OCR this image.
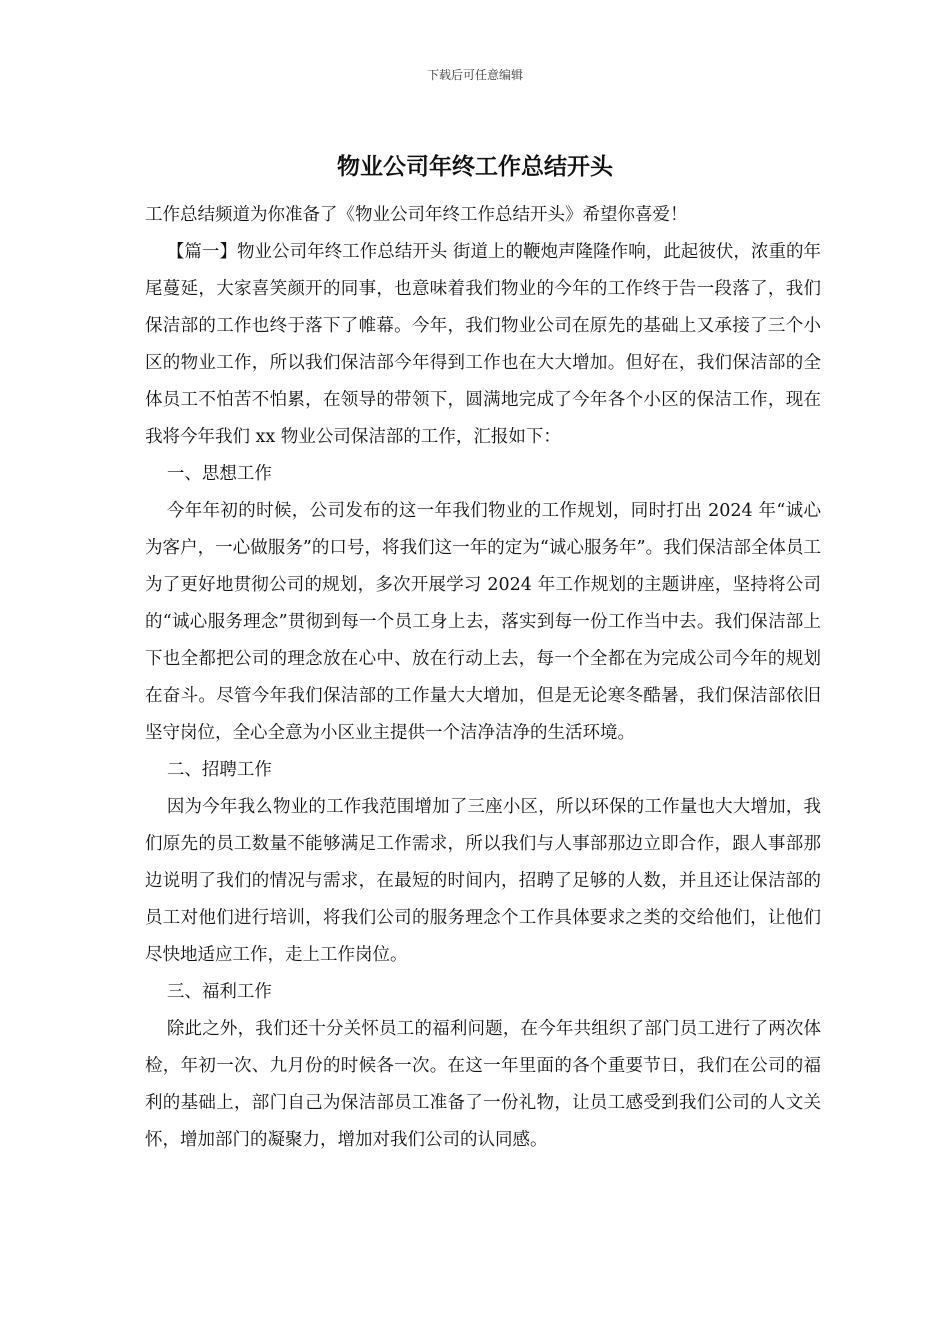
下载后可任意编辑
物业公司年终工作总结开头

工作总结频道为你准备了《物业公司年终工作总结开头》希望你喜爱！

【篇一】物业公司年终工作总结开头 街道上的鞭炮声隆隆作响，此起彼伏，浓重的年尾蔓延，大家喜笑颜开的同事，也意味着我们物业的今年的工作终于告一段落了，我们保洁部的工作也终于落下了帷幕。今年，我们物业公司在原先的基础上又承接了三个小区的物业工作，所以我们保洁部今年得到工作也在大大增加。但好在，我们保洁部的全体员工不怕苦不怕累，在领导的带领下，圆满地完成了今年各个小区的保洁工作，现在我将今年我们 xx 物业公司保洁部的工作，汇报如下：

一、思想工作

今年年初的时候，公司发布的这一年我们物业的工作规划，同时打出 2024 年“诚心为客户，一心做服务”的口号，将我们这一年的定为“诚心服务年”。我们保洁部全体员工为了更好地贯彻公司的规划，多次开展学习 2024 年工作规划的主题讲座，坚持将公司的“诚心服务理念”贯彻到每一个员工身上去，落实到每一份工作当中去。我们保洁部上下也全都把公司的理念放在心中、放在行动上去，每一个全都在为完成公司今年的规划在奋斗。尽管今年我们保洁部的工作量大大增加，但是无论寒冬酷暑，我们保洁部依旧坚守岗位，全心全意为小区业主提供一个洁净洁净的生活环境。

二、招聘工作

因为今年我么物业的工作我范围增加了三座小区，所以环保的工作量也大大增加，我们原先的员工数量不能够满足工作需求，所以我们与人事部那边立即合作，跟人事部那边说明了我们的情况与需求，在最短的时间内，招聘了足够的人数，并且还让保洁部的员工对他们进行培训，将我们公司的服务理念个工作具体要求之类的交给他们，让他们尽快地适应工作，走上工作岗位。

三、福利工作

除此之外，我们还十分关怀员工的福利问题，在今年共组织了部门员工进行了两次体检，年初一次、九月份的时候各一次。在这一年里面的各个重要节日，我们在公司的福利的基础上，部门自己为保洁部员工准备了一份礼物，让员工感受到我们公司的人文关怀，增加部门的凝聚力，增加对我们公司的认同感。
